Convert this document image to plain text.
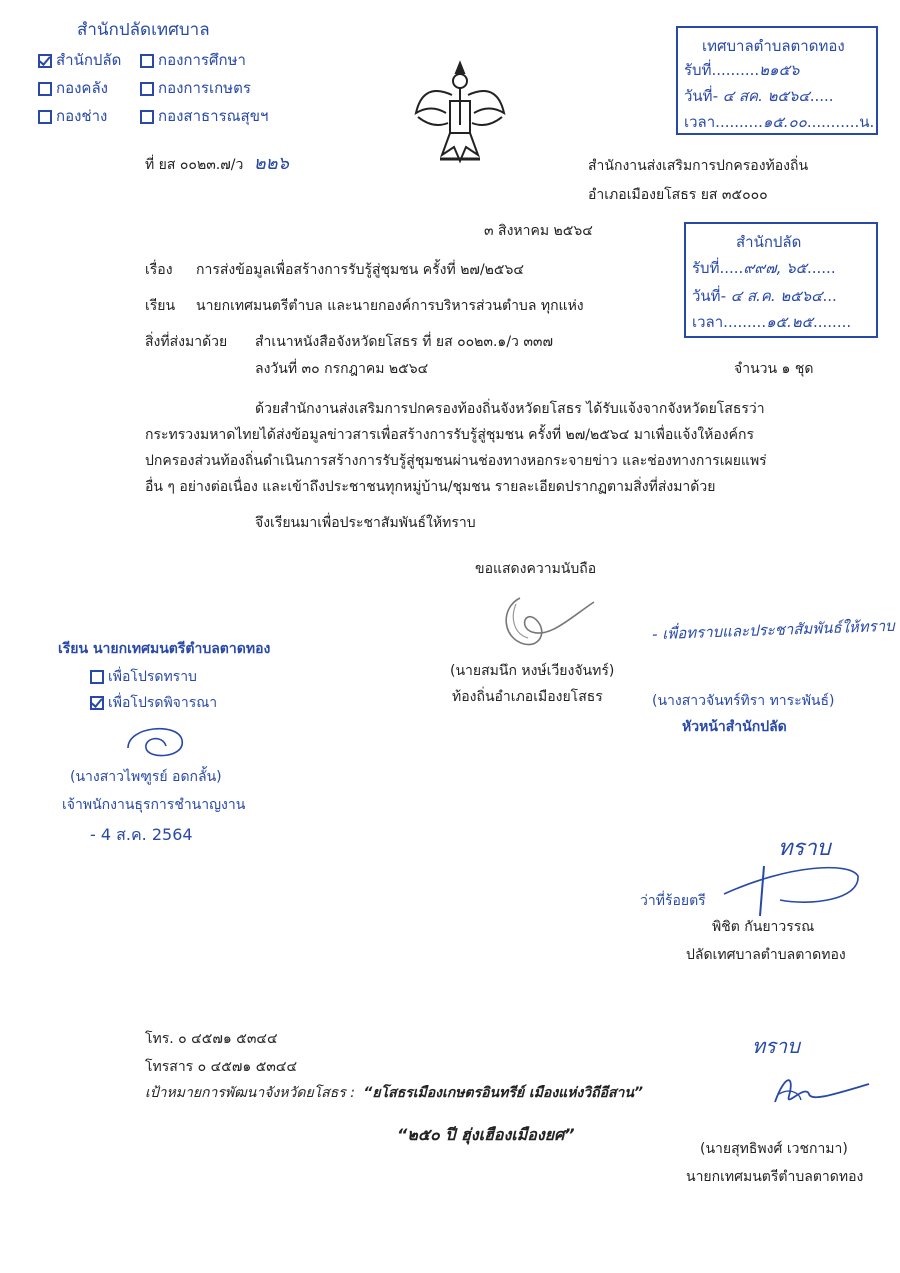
สำนักปลัดเทศบาล
สำนักปลัด	กองการศึกษา
กองคลัง	กองการเกษตร
กองช่าง	กองสาธารณสุขฯ
เทศบาลตำบลตาดทอง
รับที่..........๒๑๕๖
วันที่- ๔ สค. ๒๕๖๔.....
เวลา..........๑๕.๐๐...........น.
ที่ ยส ๐๐๒๓.๗/ว ๒๒๖	สำนักงานส่งเสริมการปกครองท้องถิ่น
อำเภอเมืองยโสธร ยส ๓๕๐๐๐
๓ สิงหาคม ๒๕๖๔
สำนักปลัด
รับที่.....๙๙๗, ๖๕......
วันที่- ๔ ส.ค. ๒๕๖๔...
เวลา.........๑๕.๒๕........
เรื่อง การส่งข้อมูลเพื่อสร้างการรับรู้สู่ชุมชน ครั้งที่ ๒๗/๒๕๖๔
เรียน นายกเทศมนตรีตำบล และนายกองค์การบริหารส่วนตำบล ทุกแห่ง
สิ่งที่ส่งมาด้วย สำเนาหนังสือจังหวัดยโสธร ที่ ยส ๐๐๒๓.๑/ว ๓๓๗
ลงวันที่ ๓๐ กรกฎาคม ๒๕๖๔	จำนวน ๑ ชุด
ด้วยสำนักงานส่งเสริมการปกครองท้องถิ่นจังหวัดยโสธร ได้รับแจ้งจากจังหวัดยโสธรว่า
กระทรวงมหาดไทยได้ส่งข้อมูลข่าวสารเพื่อสร้างการรับรู้สู่ชุมชน ครั้งที่ ๒๗/๒๕๖๔ มาเพื่อแจ้งให้องค์กร
ปกครองส่วนท้องถิ่นดำเนินการสร้างการรับรู้สู่ชุมชนผ่านช่องทางหอกระจายข่าว และช่องทางการเผยแพร่
อื่น ๆ อย่างต่อเนื่อง และเข้าถึงประชาชนทุกหมู่บ้าน/ชุมชน รายละเอียดปรากฏตามสิ่งที่ส่งมาด้วย
จึงเรียนมาเพื่อประชาสัมพันธ์ให้ทราบ
ขอแสดงความนับถือ
(นายสมนึก หงษ์เวียงจันทร์)
ท้องถิ่นอำเภอเมืองยโสธร
- เพื่อทราบและประชาสัมพันธ์ให้ทราบ
(นางสาวจันทร์ทิรา ทาระพันธ์)
หัวหน้าสำนักปลัด
เรียน นายกเทศมนตรีตำบลตาดทอง
เพื่อโปรดทราบ
เพื่อโปรดพิจารณา
(นางสาวไพฑูรย์ อดกลั้น)
เจ้าพนักงานธุรการชำนาญงาน
- 4 ส.ค. 2564
ทราบ
ว่าที่ร้อยตรี
พิชิต กันยาวรรณ
ปลัดเทศบาลตำบลตาดทอง
โทร. ๐ ๔๕๗๑ ๕๓๔๔
โทรสาร ๐ ๔๕๗๑ ๕๓๔๔
เป้าหมายการพัฒนาจังหวัดยโสธร : “ยโสธรเมืองเกษตรอินทรีย์ เมืองแห่งวิถีอีสาน”
“๒๕๐ ปี ฮุ่งเฮืองเมืองยศ”
ทราบ
(นายสุทธิพงศ์ เวชกามา)
นายกเทศมนตรีตำบลตาดทอง
